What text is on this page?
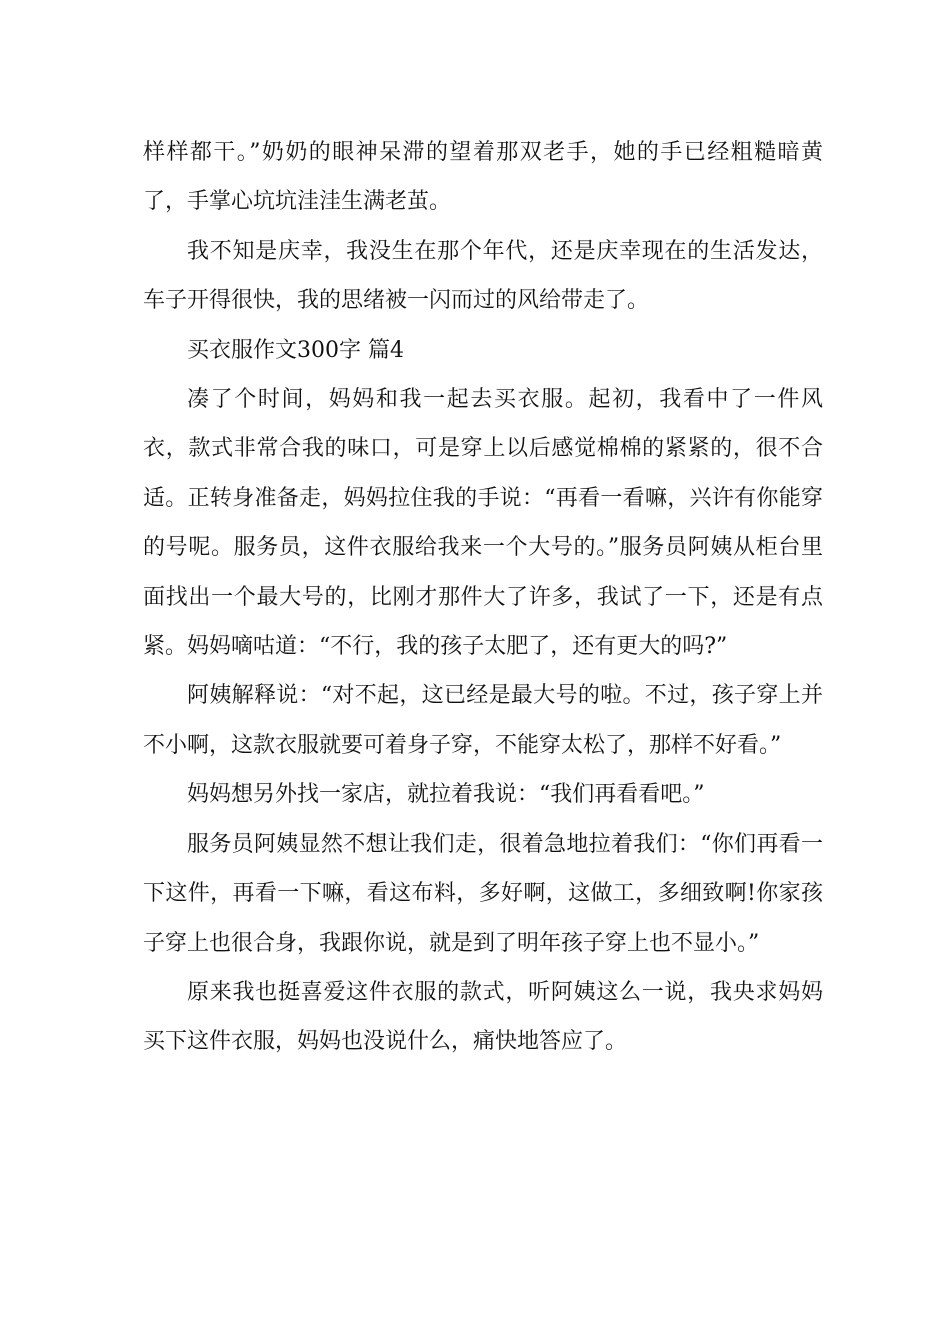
样样都干。”奶奶的眼神呆滞的望着那双老手，她的手已经粗糙暗黄了，手掌心坑坑洼洼生满老茧。

我不知是庆幸，我没生在那个年代，还是庆幸现在的生活发达，车子开得很快，我的思绪被一闪而过的风给带走了。

买衣服作文300字 篇4

凑了个时间，妈妈和我一起去买衣服。起初，我看中了一件风衣，款式非常合我的味口，可是穿上以后感觉棉棉的紧紧的，很不合适。正转身准备走，妈妈拉住我的手说：“再看一看嘛，兴许有你能穿的号呢。服务员，这件衣服给我来一个大号的。”服务员阿姨从柜台里面找出一个最大号的，比刚才那件大了许多，我试了一下，还是有点紧。妈妈嘀咕道：“不行，我的孩子太肥了，还有更大的吗?”

阿姨解释说：“对不起，这已经是最大号的啦。不过，孩子穿上并不小啊，这款衣服就要可着身子穿，不能穿太松了，那样不好看。”

妈妈想另外找一家店，就拉着我说：“我们再看看吧。”

服务员阿姨显然不想让我们走，很着急地拉着我们：“你们再看一下这件，再看一下嘛，看这布料，多好啊，这做工，多细致啊!你家孩子穿上也很合身，我跟你说，就是到了明年孩子穿上也不显小。”

原来我也挺喜爱这件衣服的款式，听阿姨这么一说，我央求妈妈买下这件衣服，妈妈也没说什么，痛快地答应了。
